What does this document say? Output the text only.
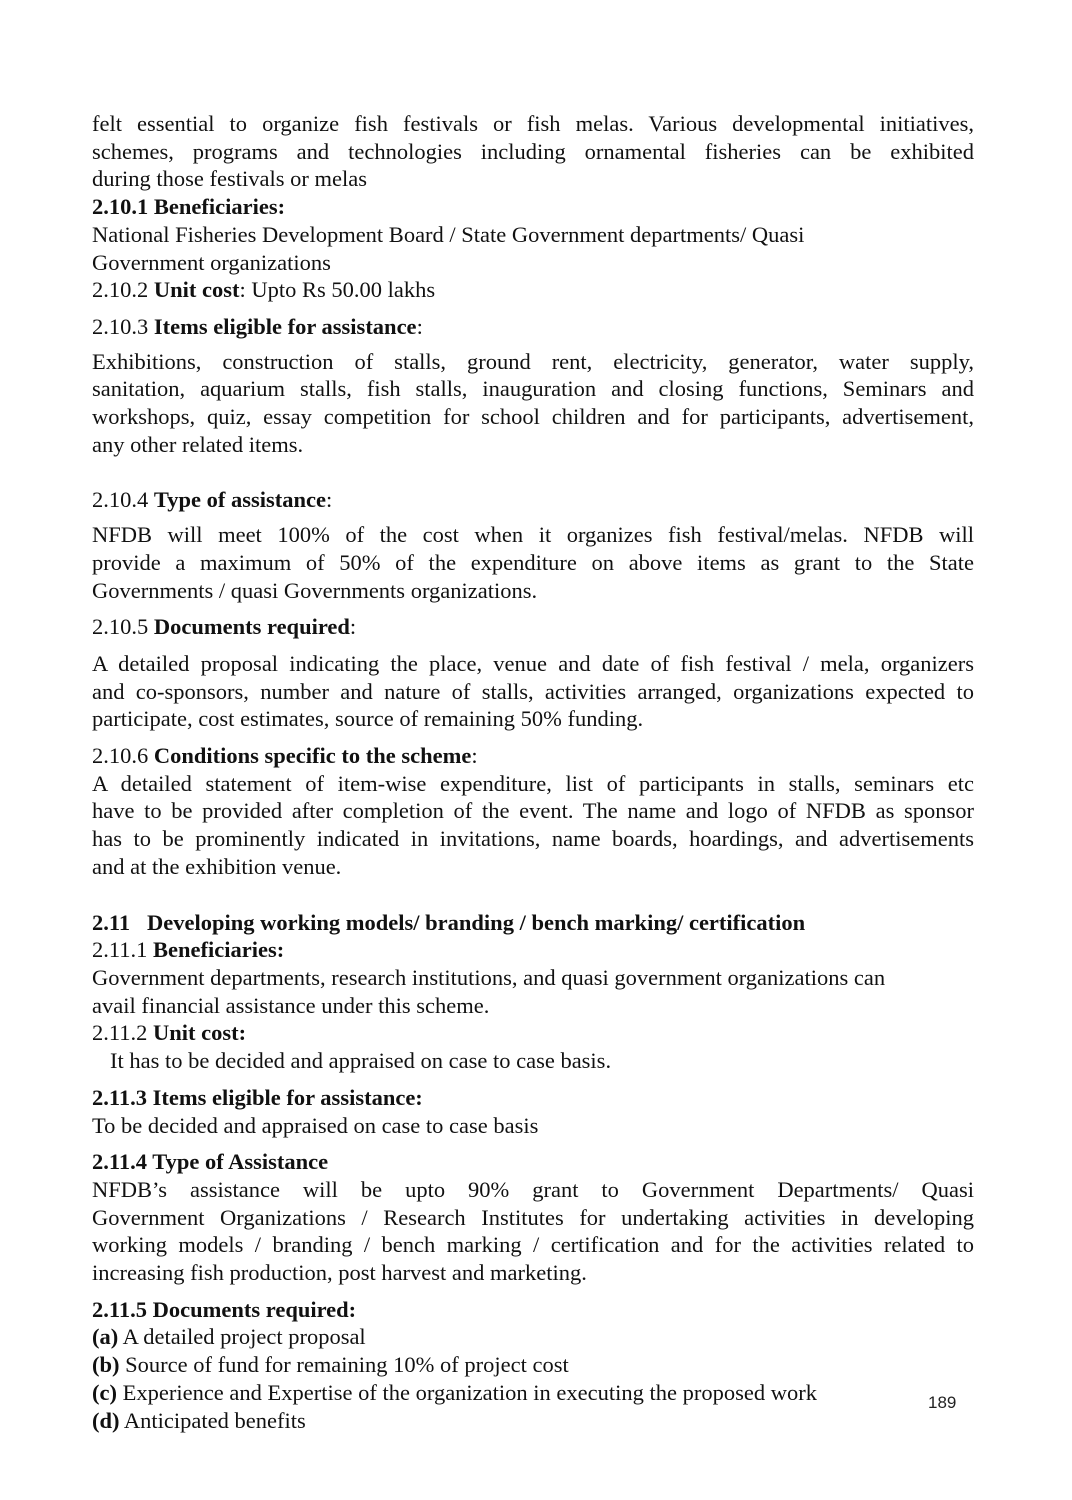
felt essential to organize fish festivals or fish melas. Various developmental initiatives,

schemes, programs and technologies including ornamental fisheries can be exhibited

during those festivals or melas

2.10.1 Beneficiaries:

National Fisheries Development Board / State Government departments/ Quasi

Government organizations

2.10.2 Unit cost: Upto Rs 50.00 lakhs

2.10.3 Items eligible for assistance:

Exhibitions, construction of stalls, ground rent, electricity, generator, water supply,

sanitation, aquarium stalls, fish stalls, inauguration and closing functions, Seminars and

workshops, quiz, essay competition for school children and for participants, advertisement,

any other related items.

2.10.4 Type of assistance:

NFDB will meet 100% of the cost when it organizes fish festival/melas. NFDB will

provide a maximum of 50% of the expenditure on above items as grant to the State

Governments / quasi Governments organizations.

2.10.5 Documents required:

A detailed proposal indicating the place, venue and date of fish festival / mela, organizers

and co-sponsors, number and nature of stalls, activities arranged, organizations expected to

participate, cost estimates, source of remaining 50% funding.

2.10.6 Conditions specific to the scheme:

A detailed statement of item-wise expenditure, list of participants in stalls, seminars etc

have to be provided after completion of the event. The name and logo of NFDB as sponsor

has to be prominently indicated in invitations, name boards, hoardings, and advertisements

and at the exhibition venue.

2.11   Developing working models/ branding / bench marking/ certification

2.11.1 Beneficiaries:

Government departments, research institutions, and quasi government organizations can

avail financial assistance under this scheme.

2.11.2 Unit cost:

It has to be decided and appraised on case to case basis.

2.11.3 Items eligible for assistance:

To be decided and appraised on case to case basis

2.11.4 Type of Assistance

NFDB’s assistance will be upto 90% grant to Government Departments/ Quasi

Government Organizations / Research Institutes for undertaking activities in developing

working models / branding / bench marking / certification and for the activities related to

increasing fish production, post harvest and marketing.

2.11.5 Documents required:

(a) A detailed project proposal

(b) Source of fund for remaining 10% of project cost

(c) Experience and Expertise of the organization in executing the proposed work

(d) Anticipated benefits

189
